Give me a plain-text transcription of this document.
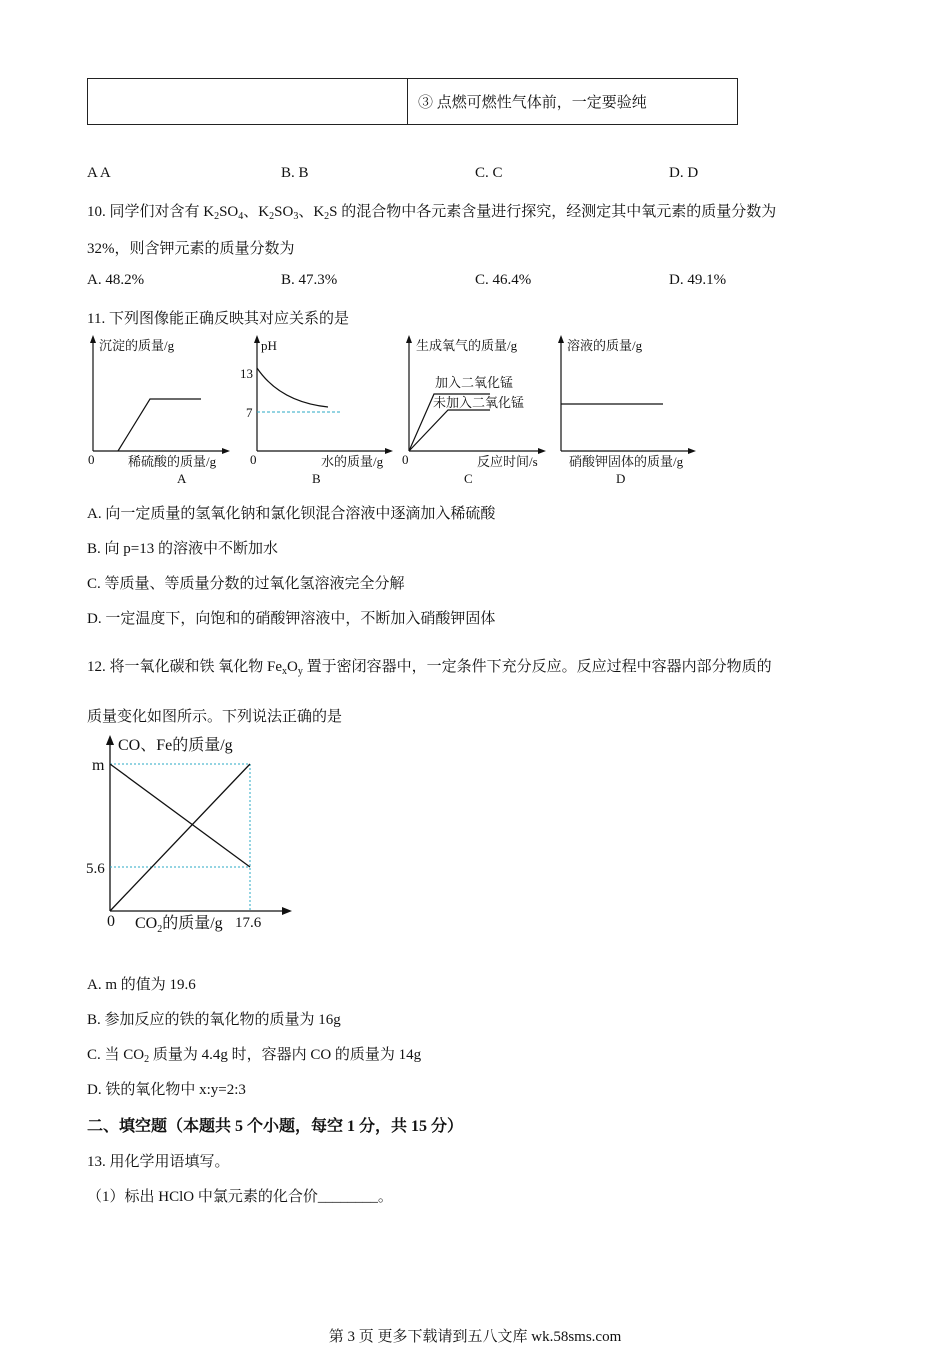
	③ 点燃可燃性气体前，一定要验纯
A A	B. B	C. C	D. D
10. 同学们对含有 $K_2SO_4$、$K_2SO_3$、$K_2S$ 的混合物中各元素含量进行探究，经测定其中氧元素的质量分数为
32%，则含钾元素的质量分数为
A. 48.2%	B. 47.3%	C. 46.4%	D. 49.1%
11. 下列图像能正确反映其对应关系的是
沉淀的质量/g
0	稀硫酸的质量/g
A
pH
13
7
0	水的质量/g
B
生成氧气的质量/g
加入二氧化锰
未加入二氧化锰
0	反应时间/s
C
溶液的质量/g
硝酸钾固体的质量/g
D
A. 向一定质量的氢氧化钠和氯化钡混合溶液中逐滴加入稀硫酸
B. 向 p=13 的溶液中不断加水
C. 等质量、等质量分数的过氧化氢溶液完全分解
D. 一定温度下，向饱和的硝酸钾溶液中，不断加入硝酸钾固体
12. 将一氧化碳和铁 氧化物 $Fe_xO_y$ 置于密闭容器中，一定条件下充分反应。反应过程中容器内部分物质的
质量变化如图所示。下列说法正确的是
CO、Fe的质量/g
m
5.6
0 $CO_2$的质量/g 17.6
A. m 的值为 19.6
B. 参加反应的铁的氧化物的质量为 16g
C. 当 $CO_2$ 质量为 4.4g 时，容器内 CO 的质量为 14g
D. 铁的氧化物中 x:y=2:3
二、填空题（本题共 5 个小题，每空 1 分，共 15 分）
13. 用化学用语填写。
（1）标出 HClO 中氯元素的化合价________。
第 3 页 更多下载请到五八文库 wk.58sms.com
